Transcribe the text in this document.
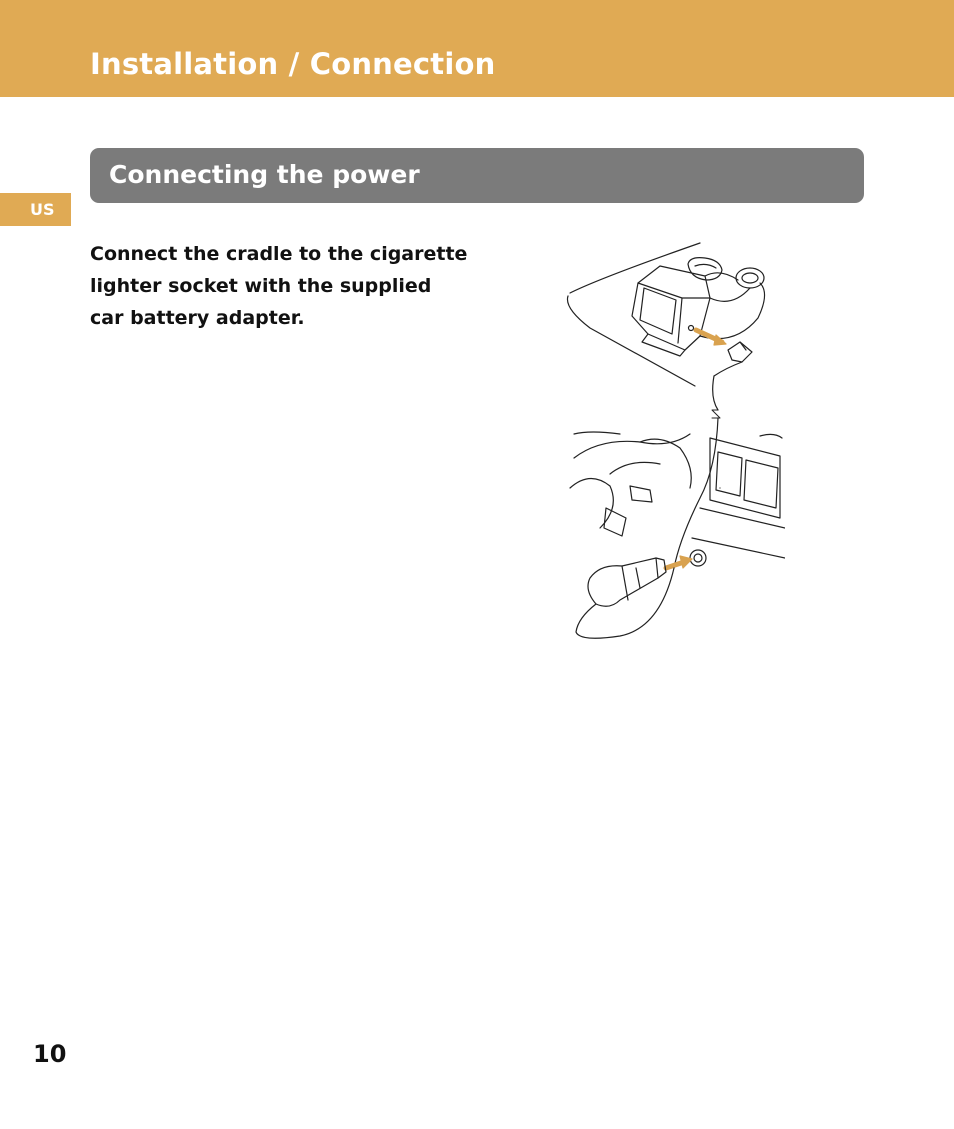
Installation / Connection
Connecting the power
US

Connect the cradle to the cigarette lighter socket with the supplied car battery adapter.

10
